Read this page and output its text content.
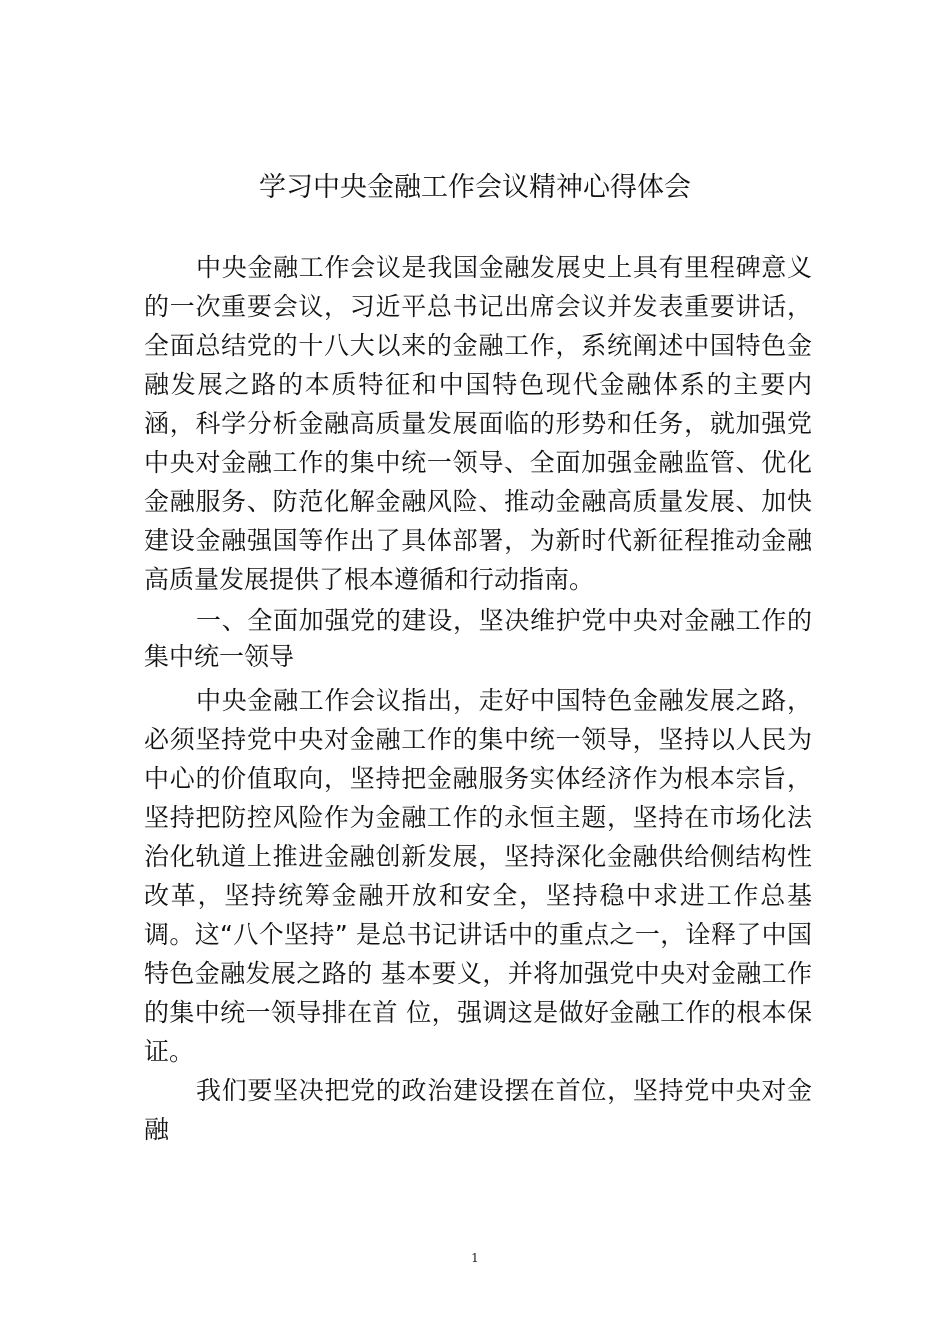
学习中央金融工作会议精神心得体会

中央金融工作会议是我国金融发展史上具有里程碑意义的一次重要会议，习近平总书记出席会议并发表重要讲话，全面总结党的十八大以来的金融工作，系统阐述中国特色金融发展之路的本质特征和中国特色现代金融体系的主要内涵，科学分析金融高质量发展面临的形势和任务，就加强党中央对金融工作的集中统一领导、全面加强金融监管、优化金融服务、防范化解金融风险、推动金融高质量发展、加快建设金融强国等作出了具体部署，为新时代新征程推动金融高质量发展提供了根本遵循和行动指南。

一、全面加强党的建设，坚决维护党中央对金融工作的集中统一领导

中央金融工作会议指出，走好中国特色金融发展之路，必须坚持党中央对金融工作的集中统一领导，坚持以人民为中心的价值取向，坚持把金融服务实体经济作为根本宗旨，坚持把防控风险作为金融工作的永恒主题，坚持在市场化法治化轨道上推进金融创新发展，坚持深化金融供给侧结构性改革，坚持统筹金融开放和安全，坚持稳中求进工作总基调。这“八个坚持” 是总书记讲话中的重点之一，诠释了中国特色金融发展之路的 基本要义，并将加强党中央对金融工作的集中统一领导排在首 位，强调这是做好金融工作的根本保证。

我们要坚决把党的政治建设摆在首位，坚持党中央对金融

1
